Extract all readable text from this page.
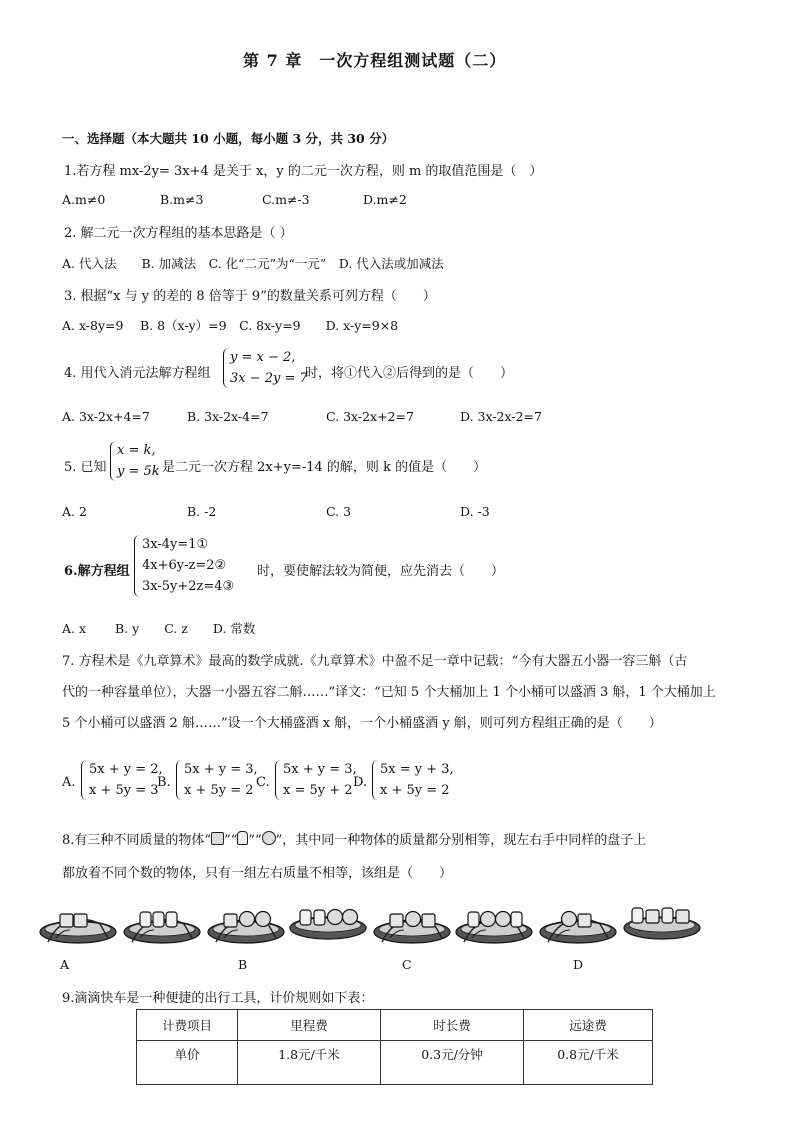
第 7 章　一次方程组测试题（二）
一、选择题（本大题共 10 小题，每小题 3 分，共 30 分）
1.若方程 mx-2y= 3x+4 是关于 x，y 的二元一次方程，则 m 的取值范围是（　）
A.m≠0	B.m≠3	C.m≠-3	D.m≠2
2. 解二元一次方程组的基本思路是（ ）
A. 代入法　　B. 加减法　C. 化“二元”为“一元”　D. 代入法或加减法
3. 根据“x 与 y 的差的 8 倍等于 9”的数量关系可列方程（　　）
A. x-8y=9　 B. 8（x-y）=9　C. 8x-y=9　　D. x-y=9×8
4. 用代入消元法解方程组
y = x − 2,
3x − 2y = 7
时，将①代入②后得到的是（　　）
A. 3x-2x+4=7	B. 3x-2x-4=7	C. 3x-2x+2=7	D. 3x-2x-2=7
5. 已知
x = k,
y = 5k 是二元一次方程 2x+y=-14 的解，则 k 的值是（　　）
A. 2	B. -2	C. 3	D. -3
6.解方程组
3x-4y=1①
4x+6y-z=2②
3x-5y+2z=4③
时，要使解法较为简便，应先消去（　　）
A. x　　 B. y　　C. z　　D. 常数
7. 方程术是《九章算术》最高的数学成就.《九章算术》中盈不足一章中记载：“今有大器五小器一容三斛（古
代的一种容量单位），大器一小器五容二斛……”译文：“已知 5 个大桶加上 1 个小桶可以盛酒 3 斛，1 个大桶加上
5 个小桶可以盛酒 2 斛……”设一个大桶盛酒 x 斛，一个小桶盛酒 y 斛，则可列方程组正确的是（　　）
A.
5x + y = 2,
x + 5y = 3
B.
5x + y = 3,
x + 5y = 2
C.
5x + y = 3,
x = 5y + 2
D.
5x = y + 3,
x + 5y = 2
8.有三种不同质量的物体“ ”“ ”“ ”，其中同一种物体的质量都分别相等，现左右手中同样的盘子上
都放着不同个数的物体，只有一组左右质量不相等，该组是（　　）
A	B	C	D
9.滴滴快车是一种便捷的出行工具，计价规则如下表：
计费项目	里程费	时长费	远途费
单价	1.8元/千米	0.3元/分钟	0.8元/千米
